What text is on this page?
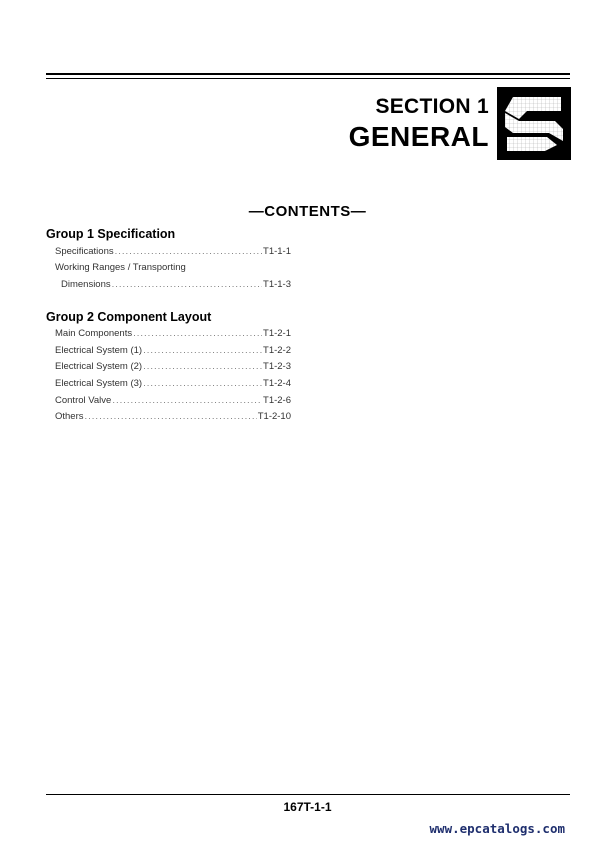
SECTION 1
GENERAL
—CONTENTS—
Group 1 Specification
Specifications .....	T1-1-1
Working Ranges / Transporting
Dimensions .....	T1-1-3
Group 2 Component Layout
Main Components .....	T1-2-1
Electrical System (1) .....	T1-2-2
Electrical System (2) .....	T1-2-3
Electrical System (3) .....	T1-2-4
Control Valve .....	T1-2-6
Others .....	T1-2-10
167T-1-1
www.epcatalogs.com
